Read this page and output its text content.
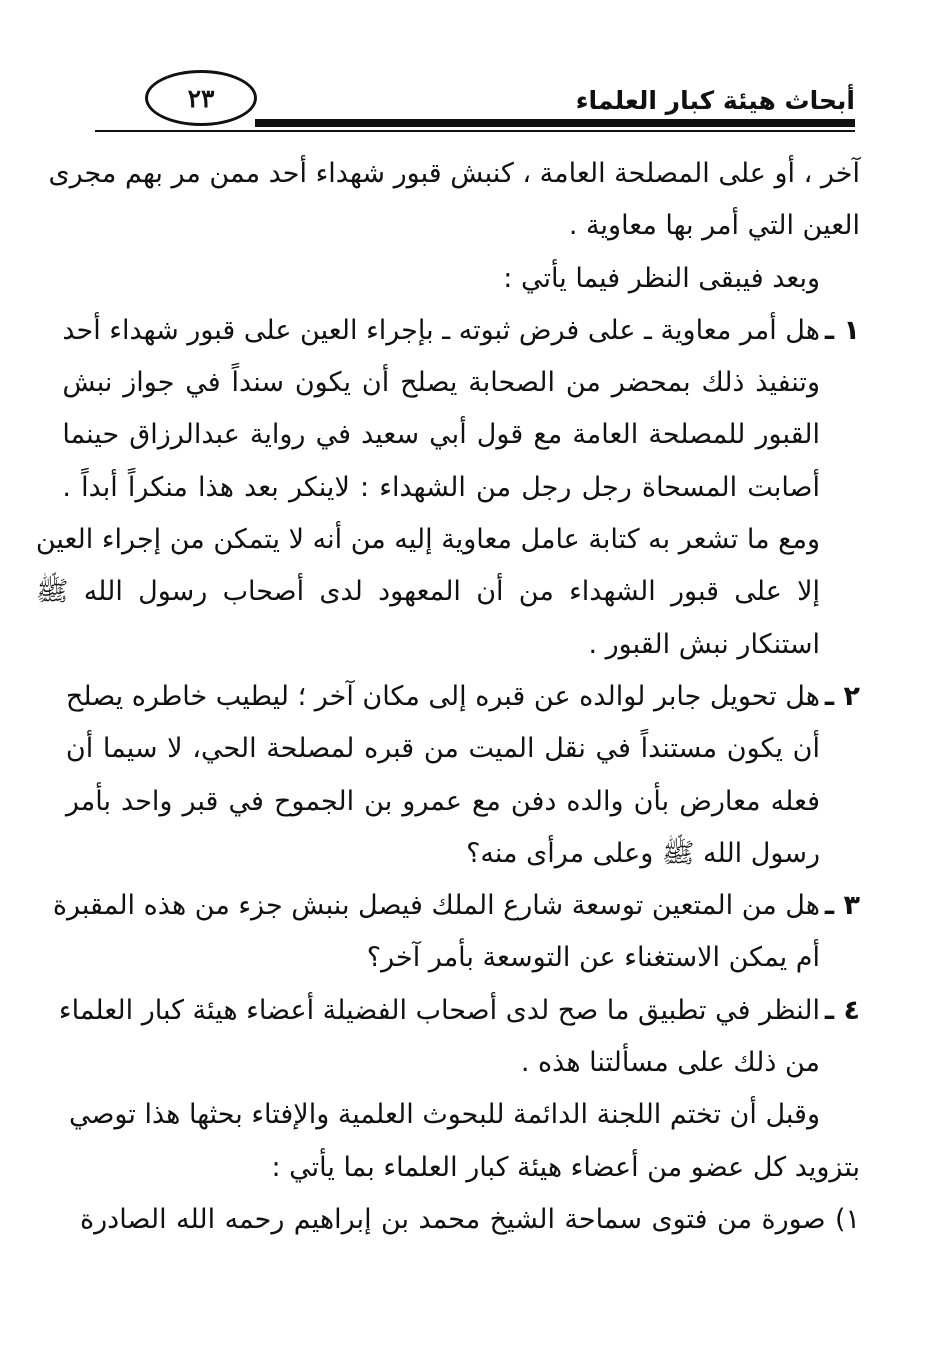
أبحاث هيئة كبار العلماء
٢٣
آخر ، أو على المصلحة العامة ، كنبش قبور شهداء أحد ممن مر بهم مجرى
العين التي أمر بها معاوية .
وبعد فيبقى النظر فيما يأتي :
١ ـ
هل أمر معاوية ـ على فرض ثبوته ـ بإجراء العين على قبور شهداء أحد
وتنفيذ ذلك بمحضر من الصحابة يصلح أن يكون سنداً في جواز نبش
القبور للمصلحة العامة مع قول أبي سعيد في رواية عبدالرزاق حينما
أصابت المسحاة رجل رجل من الشهداء : لاينكر بعد هذا منكراً أبداً .
ومع ما تشعر به كتابة عامل معاوية إليه من أنه لا يتمكن من إجراء العين
إلا على قبور الشهداء من أن المعهود لدى أصحاب رسول الله ﷺ
استنكار نبش القبور .
٢ ـ
هل تحويل جابر لوالده عن قبره إلى مكان آخر ؛ ليطيب خاطره يصلح
أن يكون مستنداً في نقل الميت من قبره لمصلحة الحي، لا سيما أن
فعله معارض بأن والده دفن مع عمرو بن الجموح في قبر واحد بأمر
رسول الله ﷺ وعلى مرأى منه؟
٣ ـ
هل من المتعين توسعة شارع الملك فيصل بنبش جزء من هذه المقبرة
أم يمكن الاستغناء عن التوسعة بأمر آخر؟
٤ ـ
النظر في تطبيق ما صح لدى أصحاب الفضيلة أعضاء هيئة كبار العلماء
من ذلك على مسألتنا هذه .
وقبل أن تختم اللجنة الدائمة للبحوث العلمية والإفتاء بحثها هذا توصي
بتزويد كل عضو من أعضاء هيئة كبار العلماء بما يأتي :
١) صورة من فتوى سماحة الشيخ محمد بن إبراهيم رحمه الله الصادرة
